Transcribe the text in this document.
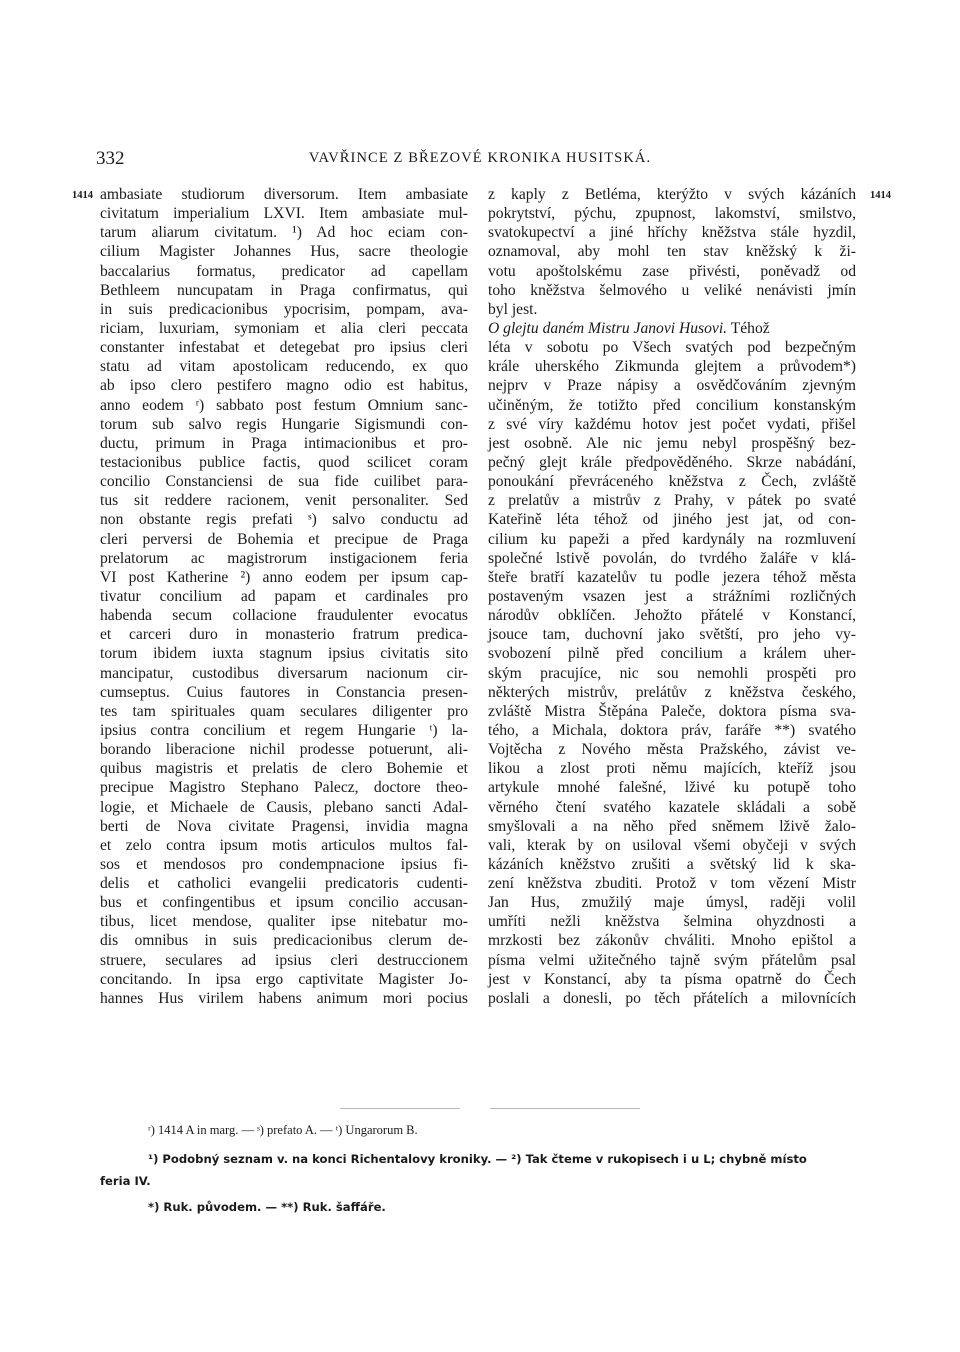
332	VAVŘINCE Z BŘEZOVÉ KRONIKA HUSITSKÁ.
1414	1414
ambasiate studiorum diversorum. Item ambasiate
civitatum imperialium LXVI. Item ambasiate mul-
tarum aliarum civitatum. ¹) Ad hoc eciam con-
cilium Magister Johannes Hus, sacre theologie
baccalarius formatus, predicator ad capellam
Bethleem nuncupatam in Praga confirmatus, qui
in suis predicacionibus ypocrisim, pompam, ava-
riciam, luxuriam, symoniam et alia cleri peccata
constanter infestabat et detegebat pro ipsius cleri
statu ad vitam apostolicam reducendo, ex quo
ab ipso clero pestifero magno odio est habitus,
anno eodem ʳ) sabbato post festum Omnium sanc-
torum sub salvo regis Hungarie Sigismundi con-
ductu, primum in Praga intimacionibus et pro-
testacionibus publice factis, quod scilicet coram
concilio Constanciensi de sua fide cuilibet para-
tus sit reddere racionem, venit personaliter. Sed
non obstante regis prefati ˢ) salvo conductu ad
cleri perversi de Bohemia et precipue de Praga
prelatorum ac magistrorum instigacionem feria
VI post Katherine ²) anno eodem per ipsum cap-
tivatur concilium ad papam et cardinales pro
habenda secum collacione fraudulenter evocatus
et carceri duro in monasterio fratrum predica-
torum ibidem iuxta stagnum ipsius civitatis sito
mancipatur, custodibus diversarum nacionum cir-
cumseptus. Cuius fautores in Constancia presen-
tes tam spirituales quam seculares diligenter pro
ipsius contra concilium et regem Hungarie ᵗ) la-
borando liberacione nichil prodesse potuerunt, ali-
quibus magistris et prelatis de clero Bohemie et
precipue Magistro Stephano Palecz, doctore theo-
logie, et Michaele de Causis, plebano sancti Adal-
berti de Nova civitate Pragensi, invidia magna
et zelo contra ipsum motis articulos multos fal-
sos et mendosos pro condempnacione ipsius fi-
delis et catholici evangelii predicatoris cudenti-
bus et confingentibus et ipsum concilio accusan-
tibus, licet mendose, qualiter ipse nitebatur mo-
dis omnibus in suis predicacionibus clerum de-
struere, seculares ad ipsius cleri destruccionem
concitando. In ipsa ergo captivitate Magister Jo-
hannes Hus virilem habens animum mori pocius
z kaply z Betléma, kterýžto v svých kázáních
pokrytství, pýchu, zpupnost, lakomství, smilstvo,
svatokupectví a jiné hříchy kněžstva stále hyzdil,
oznamoval, aby mohl ten stav kněžský k ži-
votu apoštolskému zase přivésti, poněvadž od
toho kněžstva šelmového u veliké nenávisti jmín
byl jest.
O glejtu daném Mistru Janovi Husovi. Téhož
léta v sobotu po Všech svatých pod bezpečným
krále uherského Zikmunda glejtem a průvodem*)
nejprv v Praze nápisy a osvědčováním zjevným
učiněným, že totižto před concilium konstanským
z své víry každému hotov jest počet vydati, přišel
jest osobně. Ale nic jemu nebyl prospěšný bez-
pečný glejt krále předpověděného. Skrze nabádání,
ponoukání převráceného kněžstva z Čech, zvláště
z prelatův a mistrův z Prahy, v pátek po svaté
Kateřině léta téhož od jiného jest jat, od con-
cilium ku papeži a před kardynály na rozmluvení
společné lstivě povolán, do tvrdého žaláře v klá-
šteře bratří kazatelův tu podle jezera téhož města
postaveným vsazen jest a strážními rozličných
národův obklíčen. Jehožto přátelé v Konstancí,
jsouce tam, duchovní jako světští, pro jeho vy-
svobození pilně před concilium a králem uher-
ským pracujíce, nic sou nemohli prospěti pro
některých mistrův, prelátův z kněžstva českého,
zvláště Mistra Štěpána Paleče, doktora písma sva-
tého, a Michala, doktora práv, faráře **) svatého
Vojtěcha z Nového města Pražského, závist ve-
likou a zlost proti němu majících, kteříž jsou
artykule mnohé falešné, lživé ku potupě toho
věrného čtení svatého kazatele skládali a sobě
smyšlovali a na něho před sněmem lživě žalo-
vali, kterak by on usiloval všemi obyčeji v svých
kázáních kněžstvo zrušiti a světský lid k ska-
zení kněžstva zbuditi. Protož v tom vězení Mistr
Jan Hus, zmužilý maje úmysl, raději volil
umříti nežli kněžstva šelmina ohyzdnosti a
mrzkosti bez zákonův chváliti. Mnoho epištol a
písma velmi užitečného tajně svým přátelům psal
jest v Konstancí, aby ta písma opatrně do Čech
poslali a donesli, po těch přátelích a milovnících
ʳ) 1414 A in marg. — ˢ) prefato A. — ᵗ) Ungarorum B.
¹) Podobný seznam v. na konci Richentalovy kroniky. — ²) Tak čteme v rukopisech i u L; chybně místo
feria IV.
*) Ruk. původem. — **) Ruk. šaffáře.
